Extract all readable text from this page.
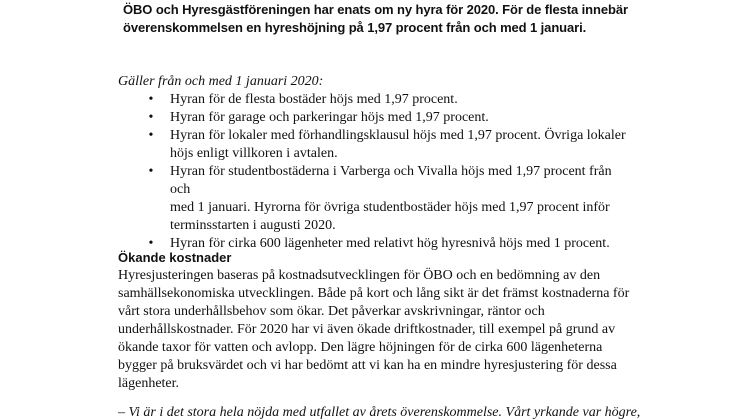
ÖBO och Hyresgästföreningen har enats om ny hyra för 2020. För de flesta innebär
överenskommelsen en hyreshöjning på 1,97 procent från och med 1 januari.

Gäller från och med 1 januari 2020:

• Hyran för de flesta bostäder höjs med 1,97 procent.
• Hyran för garage och parkeringar höjs med 1,97 procent.
• Hyran för lokaler med förhandlingsklausul höjs med 1,97 procent. Övriga lokaler
höjs enligt villkoren i avtalen.
• Hyran för studentbostäderna i Varberga och Vivalla höjs med 1,97 procent från och
med 1 januari. Hyrorna för övriga studentbostäder höjs med 1,97 procent inför
terminsstarten i augusti 2020.
• Hyran för cirka 600 lägenheter med relativt hög hyresnivå höjs med 1 procent.
Ökande kostnader

Hyresjusteringen baseras på kostnadsutvecklingen för ÖBO och en bedömning av den
samhällsekonomiska utvecklingen. Både på kort och lång sikt är det främst kostnaderna för
vårt stora underhållsbehov som ökar. Det påverkar avskrivningar, räntor och
underhållskostnader. För 2020 har vi även ökade driftkostnader, till exempel på grund av
ökande taxor för vatten och avlopp. Den lägre höjningen för de cirka 600 lägenheterna
bygger på bruksvärdet och vi har bedömt att vi kan ha en mindre hyresjustering för dessa
lägenheter.

– Vi är i det stora hela nöjda med utfallet av årets överenskommelse. Vårt yrkande var högre,
